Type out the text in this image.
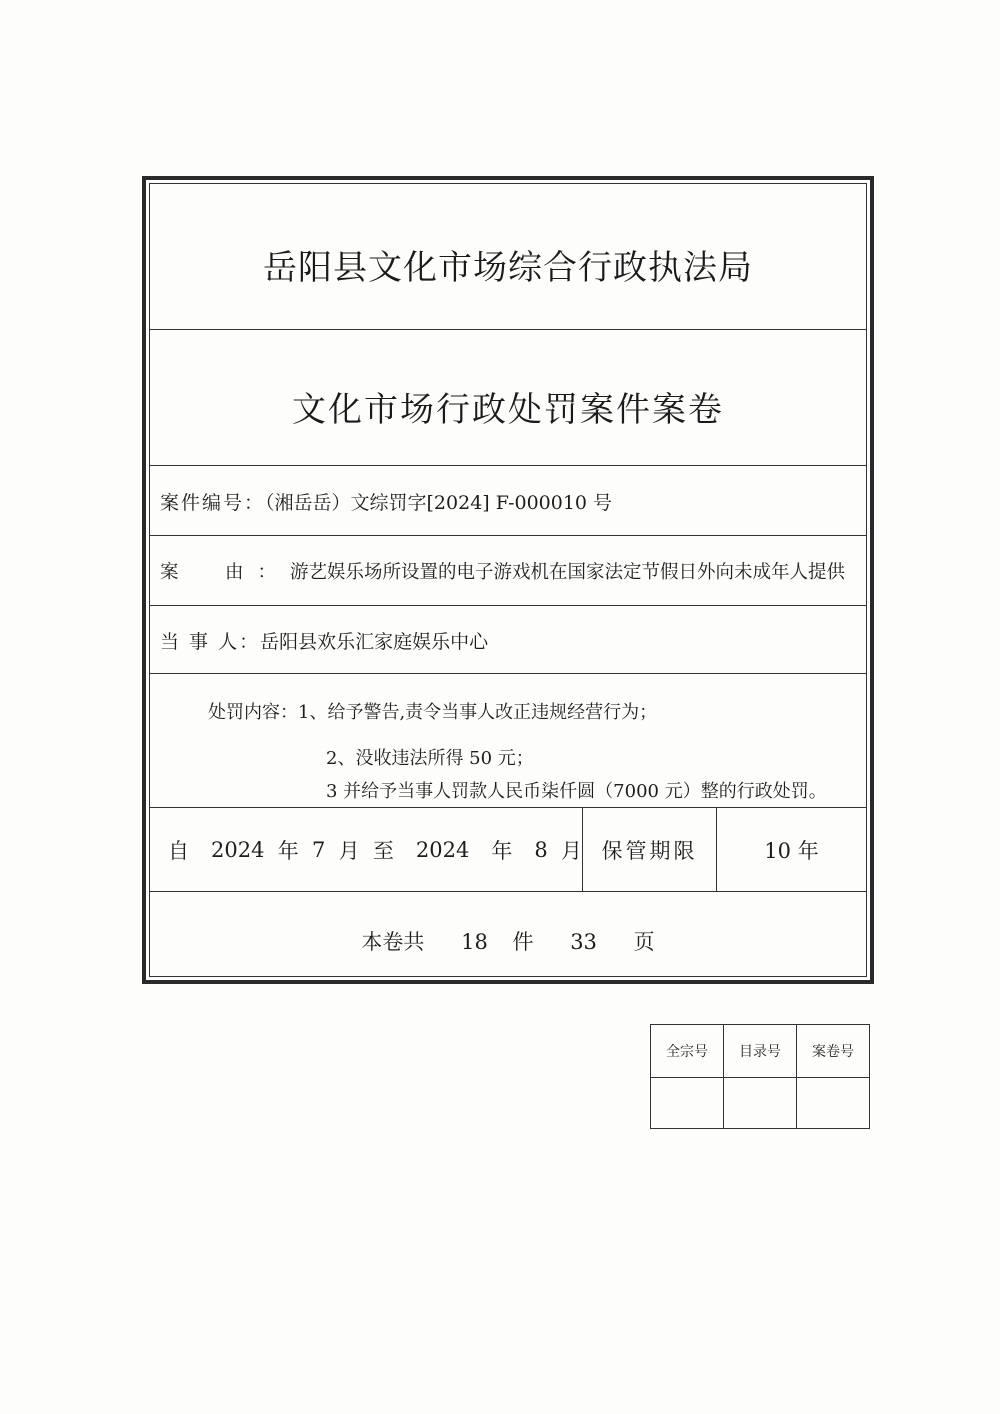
岳阳县文化市场综合行政执法局
文化市场行政处罚案件案卷
案件编号：（湘岳岳）文综罚字[2024] F-000010 号
案　由：游艺娱乐场所设置的电子游戏机在国家法定节假日外向未成年人提供
当 事 人：岳阳县欢乐汇家庭娱乐中心
处罚内容：1、给予警告,责令当事人改正违规经营行为；
2、没收违法所得 50 元；
3 并给予当事人罚款人民币柒仟圆（7000 元）整的行政处罚。
自 2024 年 7 月 至 2024 年 8 月 保管期限	10 年
本卷共 18 件 33 页
全宗号	目录号	案卷号
